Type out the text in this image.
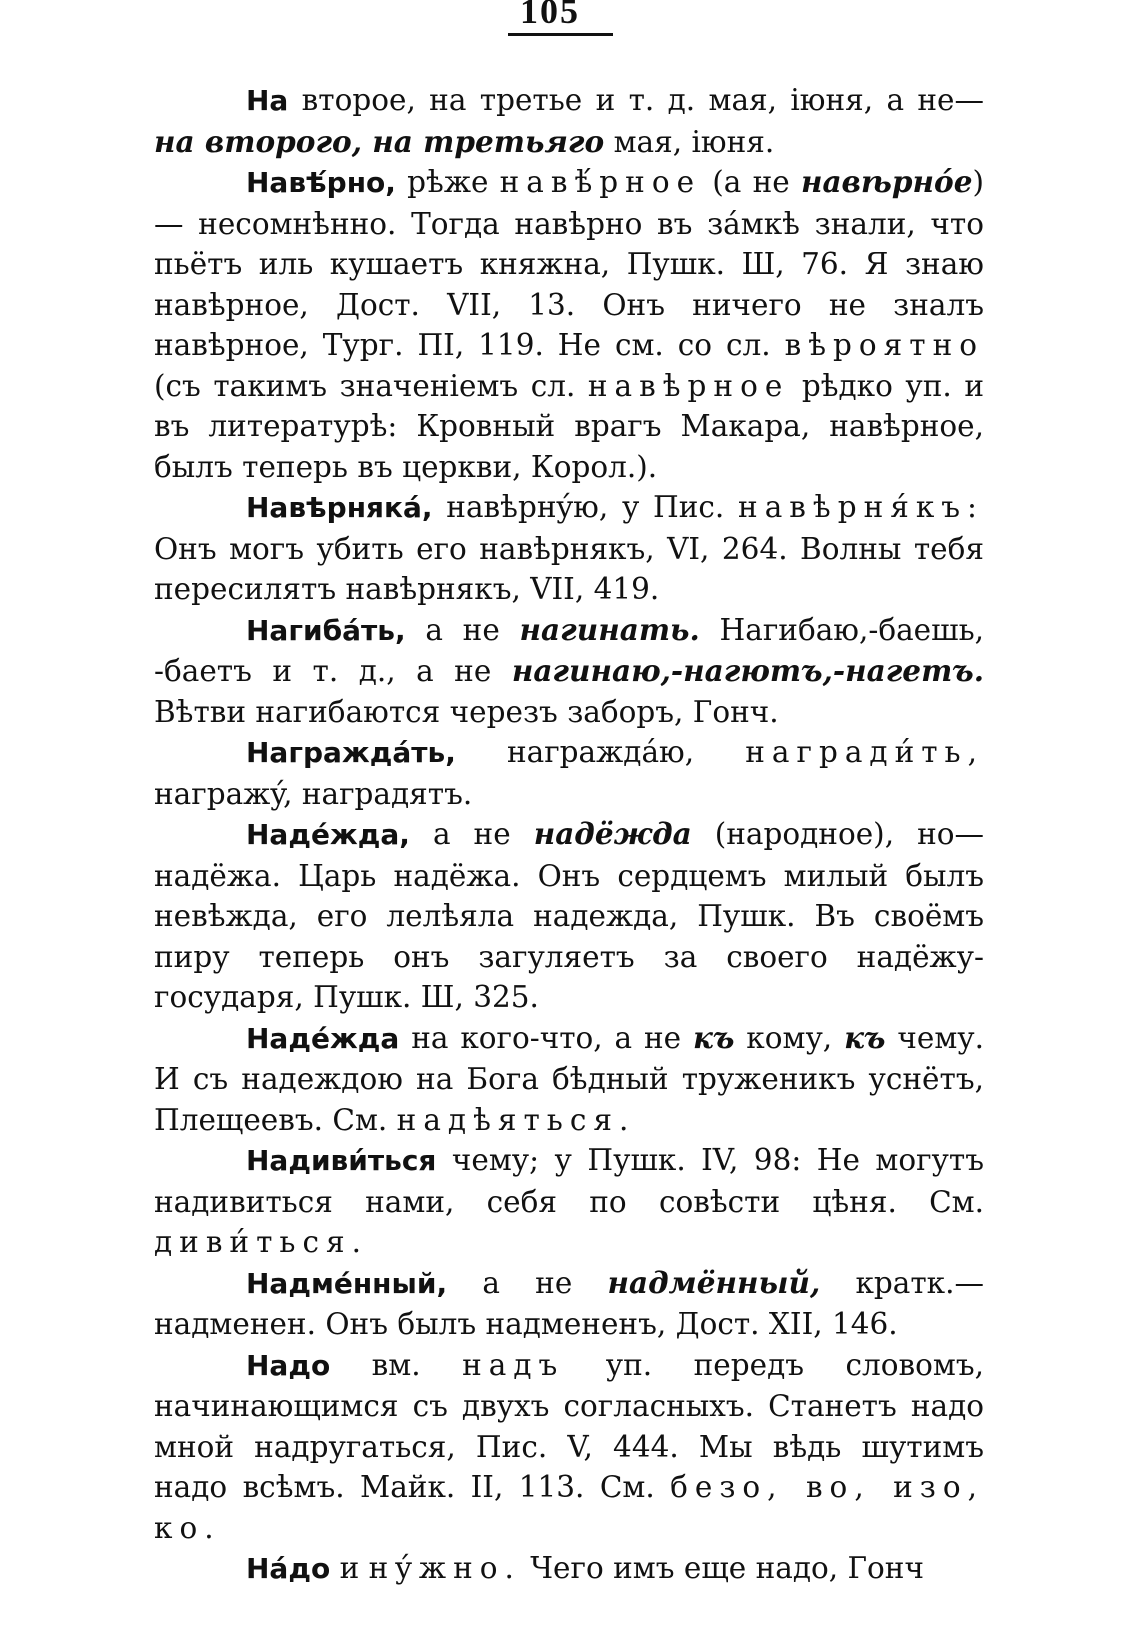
105

На второе, на третье и т. д. мая, іюня, а не—на второго, на третьяго мая, іюня.

Навѣ́рно, рѣже навѣ́рное (а не навѣрнóе)— несомнѣнно. Тогда навѣрно въ за́мкѣ знали, что пьётъ иль кушаетъ княжна, Пушк. Ш, 76. Я знаю навѣрное, Дост. VII, 13. Онъ ничего не зналъ навѣрное, Тург. ПІ, 119. Не см. со сл. вѣроятно (съ такимъ значеніемъ сл. навѣрное рѣдко уп. и въ литературѣ: Кровный врагъ Макара, навѣрное, былъ теперь въ церкви, Корол.).

Навѣрняка́, навѣрнýю, у Пис. навѣрня́къ: Онъ могъ убить его навѣрнякъ, VI, 264. Волны тебя пересилятъ навѣрнякъ, VII, 419.

Нагиба́ть, а не нагинать. Нагибаю,-баешь, -баетъ и т. д., а не нагинаю,-нагютъ,-нагетъ. Вѣтви нагибаются черезъ заборъ, Гонч.

Награжда́ть, награждáю, награди́ть, награжý, наградятъ.

Надéжда, а не надёжда (народное), но— надёжа. Царь надёжа. Онъ сердцемъ милый былъ невѣжда, его лелѣяла надежда, Пушк. Въ своёмъ пиру теперь онъ загуляетъ за своего надёжу-государя, Пушк. Ш, 325.

Надéжда на кого-что, а не къ кому, къ чему. И съ надеждою на Бога бѣдный труженикъ уснётъ, Плещеевъ. См. надѣяться.

Надиви́ться чему; у Пушк. IV, 98: Не могутъ надивиться нами, себя по совѣсти цѣня. См. диви́ться.

Надмéнный, а не надмённый, кратк.—надменен. Онъ былъ надмененъ, Дост. XII, 146.

Надо вм. надъ уп. передъ словомъ, начинающимся съ двухъ согласныхъ. Станетъ надо мной надругаться, Пис. V, 444. Мы вѣдь шутимъ надо всѣмъ. Майк. II, 113. См. безо, во, изо, ко.

На́до и нýжно. Чего имъ еще надо, Гонч
